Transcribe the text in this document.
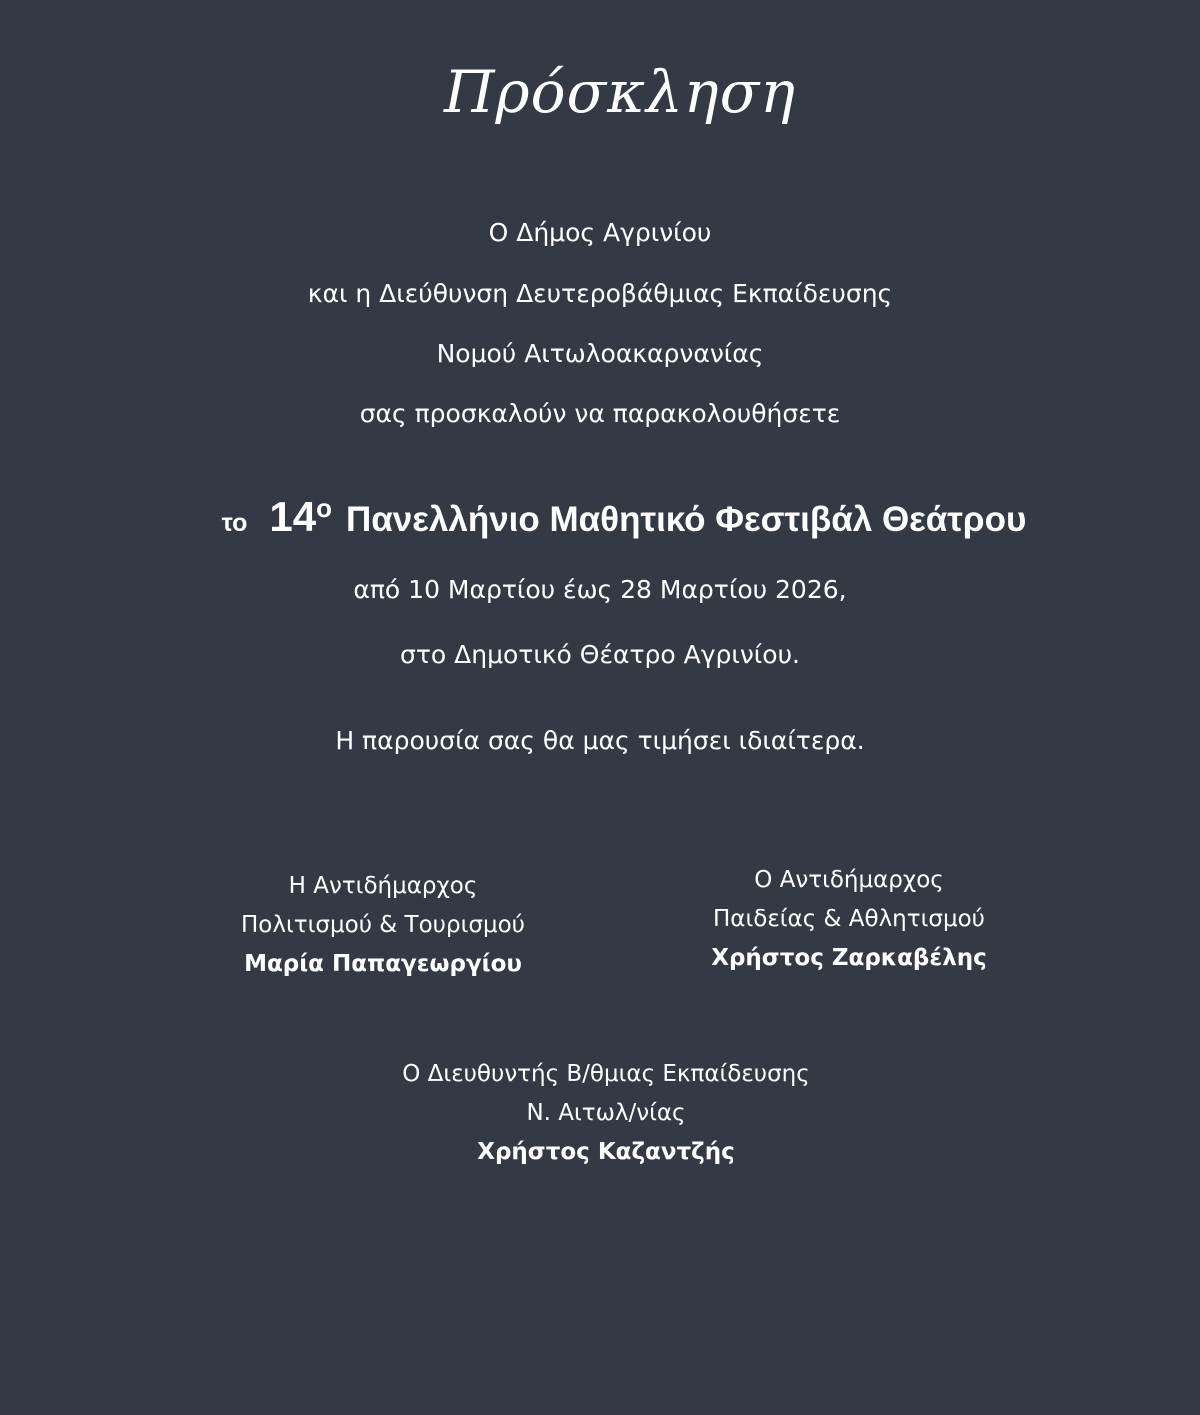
Πρόσκληση
Ο Δήμος Αγρινίου
και η Διεύθυνση Δευτεροβάθμιας Εκπαίδευσης
Νομού Αιτωλοακαρνανίας
σας προσκαλούν να παρακολουθήσετε
το 14ο Πανελλήνιο Μαθητικό Φεστιβάλ Θεάτρου
από 10 Μαρτίου έως 28 Μαρτίου 2026,
στο Δημοτικό Θέατρο Αγρινίου.
Η παρουσία σας θα μας τιμήσει ιδιαίτερα.
Η Αντιδήμαρχος
Πολιτισμού & Τουρισμού
Μαρία Παπαγεωργίου
Ο Αντιδήμαρχος
Παιδείας & Αθλητισμού
Χρήστος Ζαρκαβέλης
Ο Διευθυντής Β/θμιας Εκπαίδευσης
Ν. Αιτωλ/νίας
Χρήστος Καζαντζής
